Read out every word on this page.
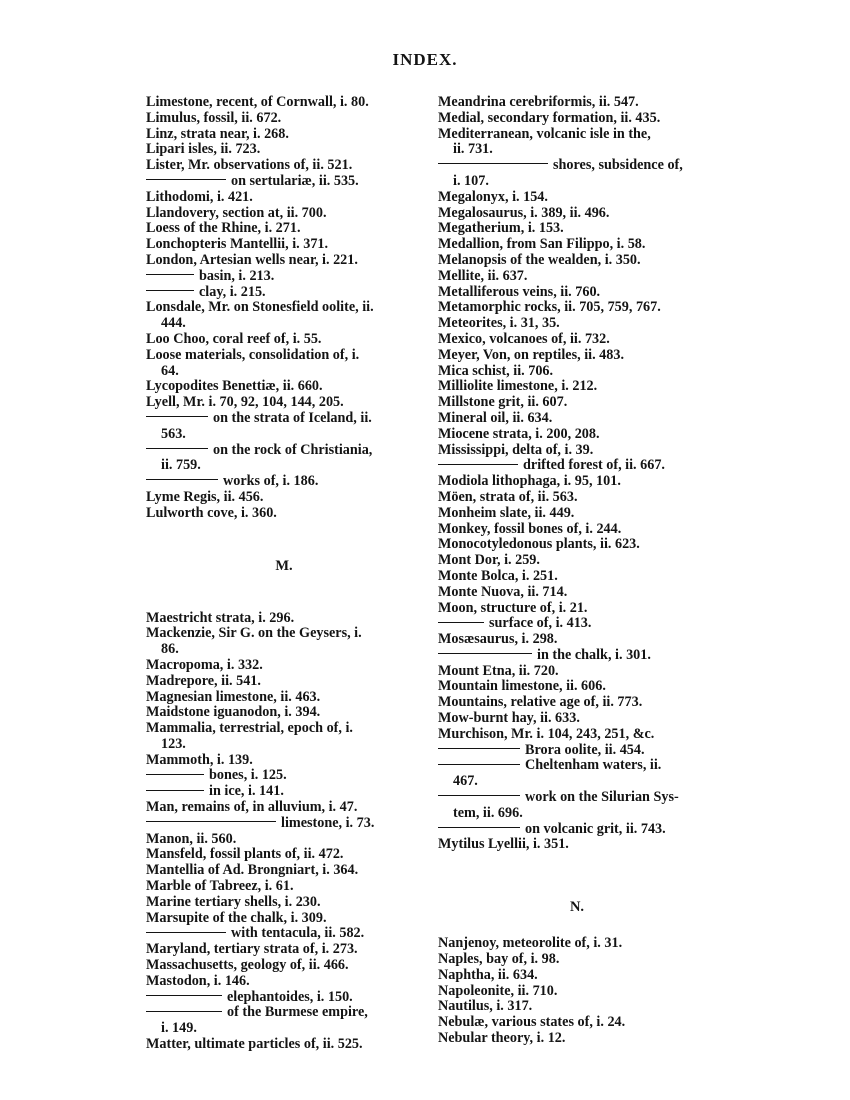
INDEX.
Limestone, recent, of Cornwall, i. 80.
Limulus, fossil, ii. 672.
Linz, strata near, i. 268.
Lipari isles, ii. 723.
Lister, Mr. observations of, ii. 521.
on sertulariæ, ii. 535.
Lithodomi, i. 421.
Llandovery, section at, ii. 700.
Loess of the Rhine, i. 271.
Lonchopteris Mantellii, i. 371.
London, Artesian wells near, i. 221.
basin, i. 213.
clay, i. 215.
Lonsdale, Mr. on Stonesfield oolite, ii.
444.
Loo Choo, coral reef of, i. 55.
Loose materials, consolidation of, i.
64.
Lycopodites Benettiæ, ii. 660.
Lyell, Mr. i. 70, 92, 104, 144, 205.
on the strata of Iceland, ii.
563.
on the rock of Christiania,
ii. 759.
works of, i. 186.
Lyme Regis, ii. 456.
Lulworth cove, i. 360.
M.
Maestricht strata, i. 296.
Mackenzie, Sir G. on the Geysers, i.
86.
Macropoma, i. 332.
Madrepore, ii. 541.
Magnesian limestone, ii. 463.
Maidstone iguanodon, i. 394.
Mammalia, terrestrial, epoch of, i.
123.
Mammoth, i. 139.
bones, i. 125.
in ice, i. 141.
Man, remains of, in alluvium, i. 47.
limestone, i. 73.
Manon, ii. 560.
Mansfeld, fossil plants of, ii. 472.
Mantellia of Ad. Brongniart, i. 364.
Marble of Tabreez, i. 61.
Marine tertiary shells, i. 230.
Marsupite of the chalk, i. 309.
with tentacula, ii. 582.
Maryland, tertiary strata of, i. 273.
Massachusetts, geology of, ii. 466.
Mastodon, i. 146.
elephantoides, i. 150.
of the Burmese empire,
i. 149.
Matter, ultimate particles of, ii. 525.
Meandrina cerebriformis, ii. 547.
Medial, secondary formation, ii. 435.
Mediterranean, volcanic isle in the,
ii. 731.
shores, subsidence of,
i. 107.
Megalonyx, i. 154.
Megalosaurus, i. 389, ii. 496.
Megatherium, i. 153.
Medallion, from San Filippo, i. 58.
Melanopsis of the wealden, i. 350.
Mellite, ii. 637.
Metalliferous veins, ii. 760.
Metamorphic rocks, ii. 705, 759, 767.
Meteorites, i. 31, 35.
Mexico, volcanoes of, ii. 732.
Meyer, Von, on reptiles, ii. 483.
Mica schist, ii. 706.
Milliolite limestone, i. 212.
Millstone grit, ii. 607.
Mineral oil, ii. 634.
Miocene strata, i. 200, 208.
Mississippi, delta of, i. 39.
drifted forest of, ii. 667.
Modiola lithophaga, i. 95, 101.
Möen, strata of, ii. 563.
Monheim slate, ii. 449.
Monkey, fossil bones of, i. 244.
Monocotyledonous plants, ii. 623.
Mont Dor, i. 259.
Monte Bolca, i. 251.
Monte Nuova, ii. 714.
Moon, structure of, i. 21.
surface of, i. 413.
Mosæsaurus, i. 298.
in the chalk, i. 301.
Mount Etna, ii. 720.
Mountain limestone, ii. 606.
Mountains, relative age of, ii. 773.
Mow-burnt hay, ii. 633.
Murchison, Mr. i. 104, 243, 251, &c.
Brora oolite, ii. 454.
Cheltenham waters, ii.
467.
work on the Silurian Sys-
tem, ii. 696.
on volcanic grit, ii. 743.
Mytilus Lyellii, i. 351.
N.
Nanjenoy, meteorolite of, i. 31.
Naples, bay of, i. 98.
Naphtha, ii. 634.
Napoleonite, ii. 710.
Nautilus, i. 317.
Nebulæ, various states of, i. 24.
Nebular theory, i. 12.
